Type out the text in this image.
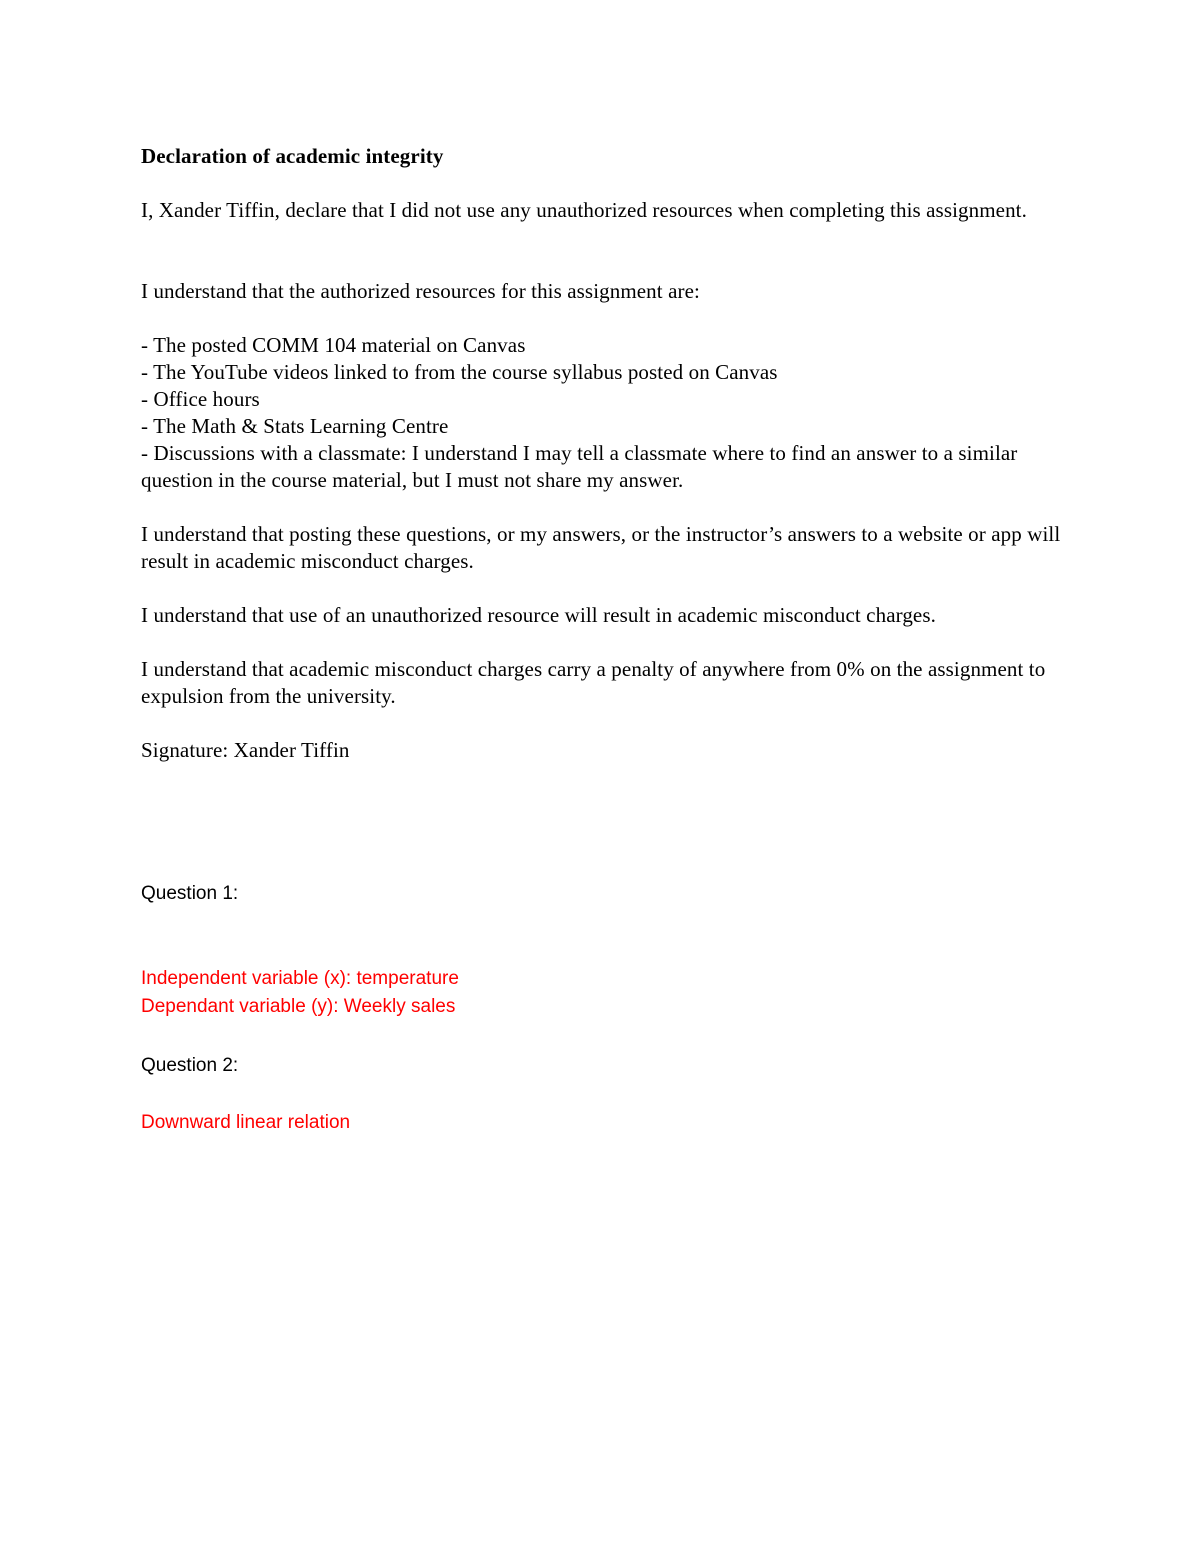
Declaration of academic integrity

I, Xander Tiffin, declare that I did not use any unauthorized resources when completing this assignment.

I understand that the authorized resources for this assignment are:

- The posted COMM 104 material on Canvas
- The YouTube videos linked to from the course syllabus posted on Canvas
- Office hours
- The Math & Stats Learning Centre
- Discussions with a classmate: I understand I may tell a classmate where to find an answer to a similar question in the course material, but I must not share my answer.

I understand that posting these questions, or my answers, or the instructor’s answers to a website or app will result in academic misconduct charges.

I understand that use of an unauthorized resource will result in academic misconduct charges.

I understand that academic misconduct charges carry a penalty of anywhere from 0% on the assignment to expulsion from the university.

Signature: Xander Tiffin

Question 1:

Independent variable (x): temperature

Dependant variable (y): Weekly sales

Question 2:

Downward linear relation
